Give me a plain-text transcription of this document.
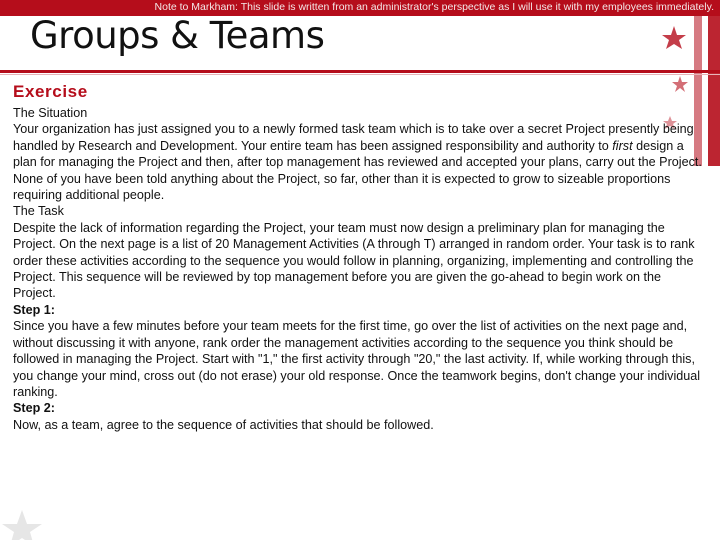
Note to Markham: This slide is written from an administrator's perspective as I will use it with my employees immediately.
Groups & Teams
Exercise

The Situation

Your organization has just assigned you to a newly formed task team which is to take over a secret Project presently being handled by Research and Development. Your entire team has been assigned responsibility and authority to first design a plan for managing the Project and then, after top management has reviewed and accepted your plans, carry out the Project.

None of you have been told anything about the Project, so far, other than it is expected to grow to sizeable proportions requiring additional people.

The Task

Despite the lack of information regarding the Project, your team must now design a preliminary plan for managing the Project. On the next page is a list of 20 Management Activities (A through T) arranged in random order. Your task is to rank order these activities according to the sequence you would follow in planning, organizing, implementing and controlling the Project. This sequence will be reviewed by top management before you are given the go-ahead to begin work on the Project.

Step 1:

Since you have a few minutes before your team meets for the first time, go over the list of activities on the next page and, without discussing it with anyone, rank order the management activities according to the sequence you think should be followed in managing the Project. Start with "1," the first activity through "20," the last activity. If, while working through this, you change your mind, cross out (do not erase) your old response. Once the teamwork begins, don't change your individual ranking.

Step 2:

Now, as a team, agree to the sequence of activities that should be followed.
